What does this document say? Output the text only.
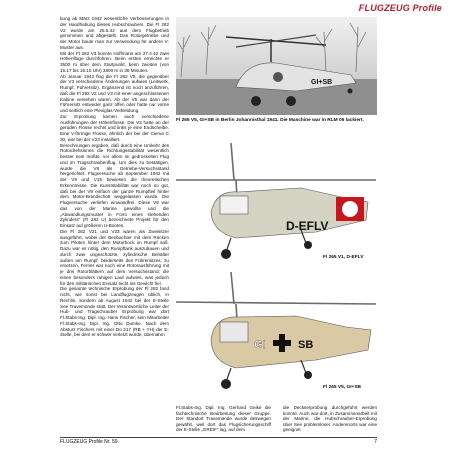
FLUGZEUG Profile

bung ab März 1942 wesentliche Verbesserungen in der Handhabung dieses Hubschraubers. Die Fl 282 V2 wurde am 25.5.42 aus dem Flugbetrieb genommen und abgestellt. Das Rotorgetriebe und der Motor baute man zur Verwendung für andere V-Muster aus.

Mit der Fl 282 V3 konnte Hoffmann am 27.4.42 zwei Höhenflüge durchführen. Beim ersten erreichte er 3500 m über dem Startpunkt, beim zweiten (von 15.17 bis 16.10 Uhr) 3800 m in 36 Minuten.

Ab Januar 1942 flog die Fl 282 V5, die gegenüber der V3 verschiedene Änderungen aufwies (Leitwerk, Rumpf, Führersitz). Ergänzend ist noch anzuführen, daß die Fl 282 V2 und V3 mit einer angeschlossenen Kabine versehen waren. Ab der V5 war dann der Führersitz entweder ganz offen oder hatte nur vorne und seitlich eine Plexiglas-Verkleidung.

Zur Erprobung kamen auch verschiedene Ausführungen der Höhenflosse. Die V3 hatte an der geraden Flosse rechts und links je eine Endscheibe. Eine V-förmige Flosse, ähnlich der bei der Cierva C 30, war bei der V23 installiert.

Berechnungen ergaben, daß durch eine Umkehr des Rotordrehsinnes die Richtungsstabilität wesentlich besser sein müßte, vor allem im gedrosselten Flug und im Tragschraubenflug. Um dies zu bestätigen, wurde die V8 als Getriebe-Versuchsstand hergerichtet. Flugversuche ab September 1942 mit der V9 und V15 bewiesen die theoretischen Erkenntnisse. Die Kunststabilität war noch so gut, daß bei der V9 einfach der ganze Rumpfteil hinter dem Motor-Brandschott weggelassen wurde. Die Flugversuche verliefen einwandfrei. Diese V9 war das von der Marine gewollte und die „Abwandlungsmuster in Form eines stehenden Zylinders“ (Fl 282 U) bezeichnete Projekt für den Einsatz auf größeren U-Booten.

Die Fl 282 V21 und V23 waren als Zweisitzer ausgeführt, wobei der Beobachter mit dem Rücken zum Piloten hinter dem Motorbock im Rumpf saß. Dazu war es nötig, den Rumpftank auszubauen und durch zwei ungeschützte, zylindrische Behälter außen am Rumpf, beiderseits des Führersitzes, zu ersetzen. Ferner war noch eine Rotorausführung mit je drei Rotorblättern auf dem Versuchsstand; die einen besonders ruhigen Lauf aufwies, was jedoch für den militärischen Einsatz nicht ins Gewicht fiel.

Die gesamte technische Erprobung der Fl 282 fand nicht, wie sonst bei Landflugzeugen üblich, in Rechlin, sondern ab August 1942 bei der E-Stelle See Travemünde statt. Der Verantwortliche Leiter der Hub- und Tragschrauber Erprobung war dort Fl.Stabs-Ing. Dipl. Ing. Hans Fischer, sein Mitarbeiter Fl.Stabs-Ing. Dipl. Ing. Otto Dumke. Nach dem Absturz Fischers mit einer Do 217 (RB + YH) der E-Stelle, bei dem er schwer verletzt wurde, übernahm

GI+SB
Fl 265 V5, GI+SB in Berlin Johannisthal 1941. Die Maschine war in RLM 05 lackiert.
D-EFLV
Fl 265 V1, D-EFLV
GI	SB
Fl 265 V5, GI+SB
Fl.Stabs-Ing. Dipl. Ing. Gerhard Geike die fachtechnische Bearbeitung dieser Gruppe. Der Standort Travemünde wurde deswegen gewählt, weil dort das Flugsicherungsschiff der E-Stelle „GREIF“ lag, auf dem
die Deckserprobung durchgeführt werden konnte. Auch war dort, in Zusammenarbeit mit der Marine, die Hubschrauber-Erprobung über See problemloser. Anderenorts war eine geeignet
FLUGZEUG Profile Nr. 59	7
